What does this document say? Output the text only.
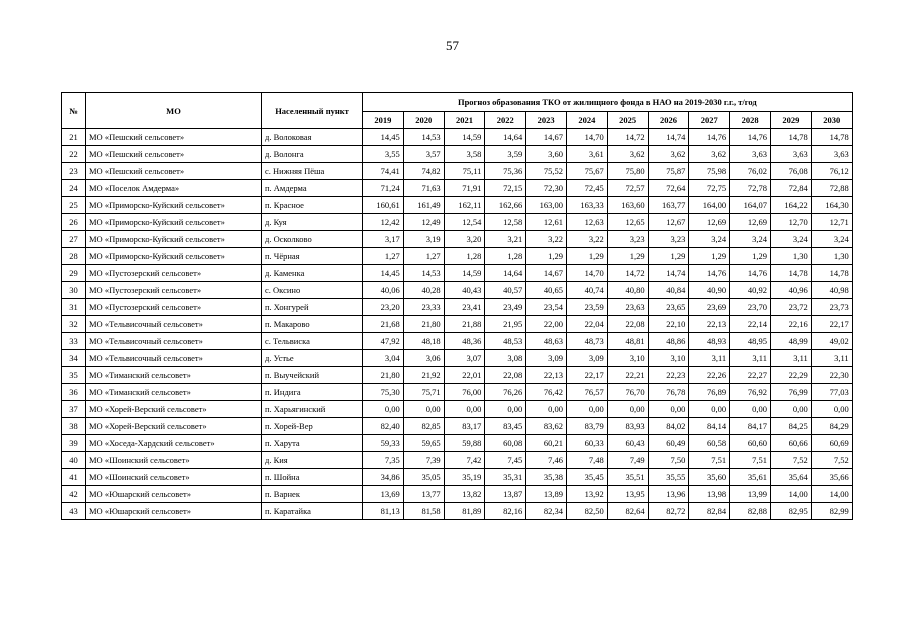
57
№	МО	Населенный пункт	Прогноз образования ТКО от жилищного фонда в НАО на 2019-2030 г.г., т/год											
			2019	2020	2021	2022	2023	2024	2025	2026	2027	2028	2029	2030
21	МО «Пешский сельсовет»	д. Волоковая	14,45	14,53	14,59	14,64	14,67	14,70	14,72	14,74	14,76	14,76	14,78	14,78
22	МО «Пешский сельсовет»	д. Волонга	3,55	3,57	3,58	3,59	3,60	3,61	3,62	3,62	3,62	3,63	3,63	3,63
23	МО «Пешский сельсовет»	с. Нижняя Пёша	74,41	74,82	75,11	75,36	75,52	75,67	75,80	75,87	75,98	76,02	76,08	76,12
24	МО «Поселок Амдерма»	п. Амдерма	71,24	71,63	71,91	72,15	72,30	72,45	72,57	72,64	72,75	72,78	72,84	72,88
25	МО «Приморско-Куйский сельсовет»	п. Красное	160,61	161,49	162,11	162,66	163,00	163,33	163,60	163,77	164,00	164,07	164,22	164,30
26	МО «Приморско-Куйский сельсовет»	д. Куя	12,42	12,49	12,54	12,58	12,61	12,63	12,65	12,67	12,69	12,69	12,70	12,71
27	МО «Приморско-Куйский сельсовет»	д. Осколково	3,17	3,19	3,20	3,21	3,22	3,22	3,23	3,23	3,24	3,24	3,24	3,24
28	МО «Приморско-Куйский сельсовет»	п. Чёрная	1,27	1,27	1,28	1,28	1,29	1,29	1,29	1,29	1,29	1,29	1,30	1,30
29	МО «Пустозерский сельсовет»	д. Каменка	14,45	14,53	14,59	14,64	14,67	14,70	14,72	14,74	14,76	14,76	14,78	14,78
30	МО «Пустозерский сельсовет»	с. Оксино	40,06	40,28	40,43	40,57	40,65	40,74	40,80	40,84	40,90	40,92	40,96	40,98
31	МО «Пустозерский сельсовет»	п. Хонгурей	23,20	23,33	23,41	23,49	23,54	23,59	23,63	23,65	23,69	23,70	23,72	23,73
32	МО «Тельвисочный сельсовет»	п. Макарово	21,68	21,80	21,88	21,95	22,00	22,04	22,08	22,10	22,13	22,14	22,16	22,17
33	МО «Тельвисочный сельсовет»	с. Тельвиска	47,92	48,18	48,36	48,53	48,63	48,73	48,81	48,86	48,93	48,95	48,99	49,02
34	МО «Тельвисочный сельсовет»	д. Устье	3,04	3,06	3,07	3,08	3,09	3,09	3,10	3,10	3,11	3,11	3,11	3,11
35	МО «Тиманский сельсовет»	п. Выучейский	21,80	21,92	22,01	22,08	22,13	22,17	22,21	22,23	22,26	22,27	22,29	22,30
36	МО «Тиманский сельсовет»	п. Индига	75,30	75,71	76,00	76,26	76,42	76,57	76,70	76,78	76,89	76,92	76,99	77,03
37	МО «Хорей-Верский сельсовет»	п. Харьягинский	0,00	0,00	0,00	0,00	0,00	0,00	0,00	0,00	0,00	0,00	0,00	0,00
38	МО «Хорей-Верский сельсовет»	п. Хорей-Вер	82,40	82,85	83,17	83,45	83,62	83,79	83,93	84,02	84,14	84,17	84,25	84,29
39	МО «Хоседа-Хардский сельсовет»	п. Харута	59,33	59,65	59,88	60,08	60,21	60,33	60,43	60,49	60,58	60,60	60,66	60,69
40	МО «Шоинский сельсовет»	д. Кия	7,35	7,39	7,42	7,45	7,46	7,48	7,49	7,50	7,51	7,51	7,52	7,52
41	МО «Шоинский сельсовет»	п. Шойна	34,86	35,05	35,19	35,31	35,38	35,45	35,51	35,55	35,60	35,61	35,64	35,66
42	МО «Юшарский сельсовет»	п. Варнек	13,69	13,77	13,82	13,87	13,89	13,92	13,95	13,96	13,98	13,99	14,00	14,00
43	МО «Юшарский сельсовет»	п. Каратайка	81,13	81,58	81,89	82,16	82,34	82,50	82,64	82,72	82,84	82,88	82,95	82,99
